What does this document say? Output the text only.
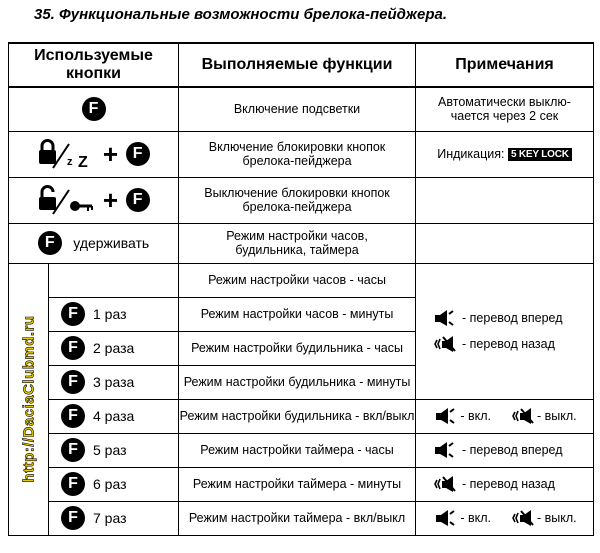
35. Функциональные возможности брелока-пейджера.
Используемые кнопки		Выполняемые функции	Примечания
F		Включение подсветки	Автоматически выклю-чается через 2 сек

z Z + F		Включение блокировки кнопок брелока-пейджера	Индикация: 5 KEY LOCK
+ F		Выключение блокировки кнопок брелока-пейджера	
F удерживать		Режим настройки часов, будильника, таймера	

http://DaciaClubmd.ru		Режим настройки часов - часы	- перевод вперед
- перевод назад

	F 1 раз	Режим настройки часов - минуты	
	F 2 раза	Режим настройки будильника - часы	
	F 3 раза	Режим настройки будильника - минуты	
	F 4 раза	Режим настройки будильника - вкл/выкл	- вкл. - выкл.

	F 5 раз	Режим настройки таймера - часы	- перевод вперед

	F 6 раз	Режим настройки таймера - минуты	- перевод назад

	F 7 раз	Режим настройки таймера - вкл/выкл	- вкл. - выкл.
